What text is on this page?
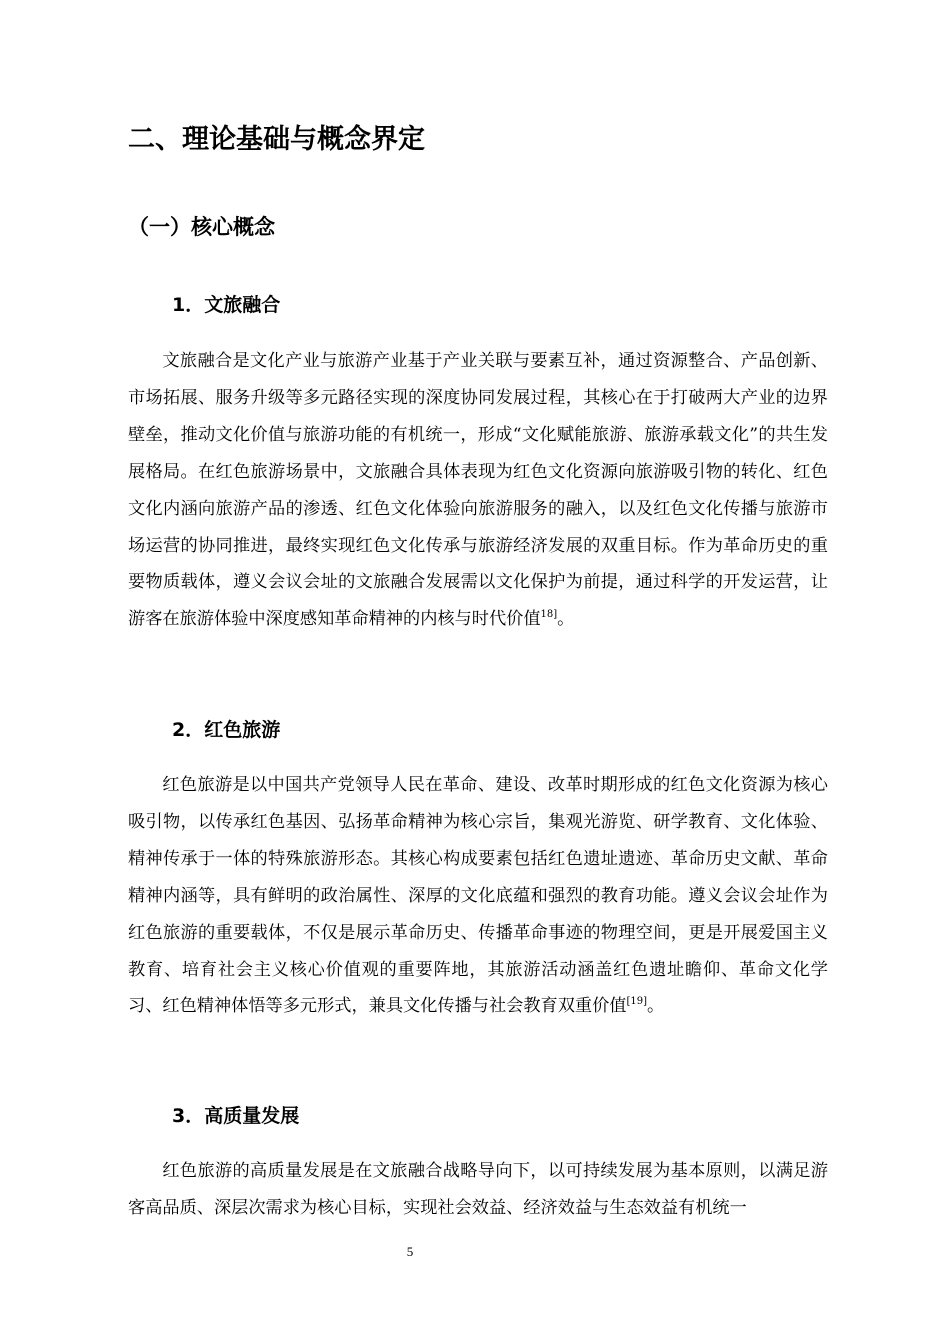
二、理论基础与概念界定
（一）核心概念
1．文旅融合

文旅融合是文化产业与旅游产业基于产业关联与要素互补，通过资源整合、产品创新、市场拓展、服务升级等多元路径实现的深度协同发展过程，其核心在于打破两大产业的边界壁垒，推动文化价值与旅游功能的有机统一，形成“文化赋能旅游、旅游承载文化”的共生发展格局。在红色旅游场景中，文旅融合具体表现为红色文化资源向旅游吸引物的转化、红色文化内涵向旅游产品的渗透、红色文化体验向旅游服务的融入，以及红色文化传播与旅游市场运营的协同推进，最终实现红色文化传承与旅游经济发展的双重目标。作为革命历史的重要物质载体，遵义会议会址的文旅融合发展需以文化保护为前提，通过科学的开发运营，让游客在旅游体验中深度感知革命精神的内核与时代价值$^{18]}$。

2．红色旅游

红色旅游是以中国共产党领导人民在革命、建设、改革时期形成的红色文化资源为核心吸引物，以传承红色基因、弘扬革命精神为核心宗旨，集观光游览、研学教育、文化体验、精神传承于一体的特殊旅游形态。其核心构成要素包括红色遗址遗迹、革命历史文献、革命精神内涵等，具有鲜明的政治属性、深厚的文化底蕴和强烈的教育功能。遵义会议会址作为红色旅游的重要载体，不仅是展示革命历史、传播革命事迹的物理空间，更是开展爱国主义教育、培育社会主义核心价值观的重要阵地，其旅游活动涵盖红色遗址瞻仰、革命文化学习、红色精神体悟等多元形式，兼具文化传播与社会教育双重价值[19]。

3．高质量发展

红色旅游的高质量发展是在文旅融合战略导向下，以可持续发展为基本原则，以满足游客高品质、深层次需求为核心目标，实现社会效益、经济效益与生态效益有机统一

5
